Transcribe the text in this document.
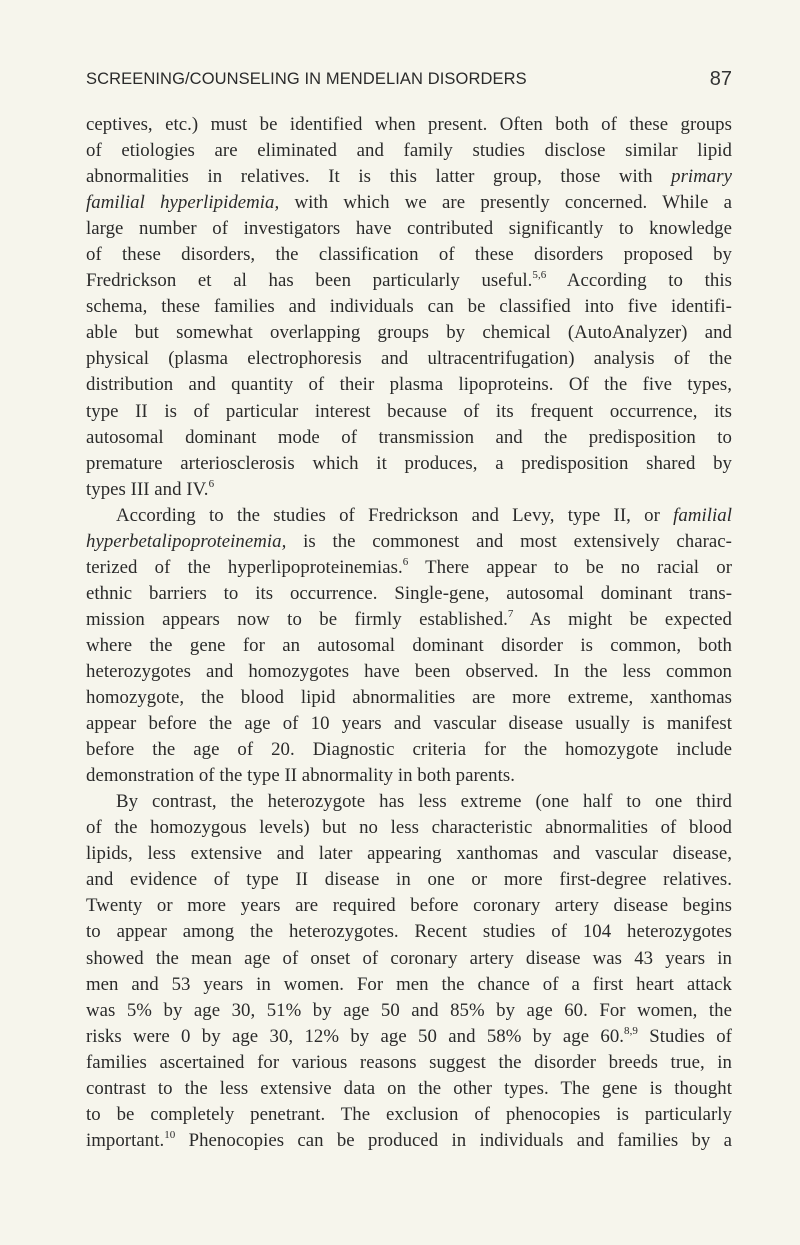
SCREENING/COUNSELING IN MENDELIAN DISORDERS	87
ceptives, etc.) must be identified when present. Often both of these groups
of etiologies are eliminated and family studies disclose similar lipid
abnormalities in relatives. It is this latter group, those with primary
familial hyperlipidemia, with which we are presently concerned. While a
large number of investigators have contributed significantly to knowledge
of these disorders, the classification of these disorders proposed by
Fredrickson et al has been particularly useful.$^{5,6}$ According to this
schema, these families and individuals can be classified into five identifi-
able but somewhat overlapping groups by chemical (AutoAnalyzer) and
physical (plasma electrophoresis and ultracentrifugation) analysis of the
distribution and quantity of their plasma lipoproteins. Of the five types,
type II is of particular interest because of its frequent occurrence, its
autosomal dominant mode of transmission and the predisposition to
premature arteriosclerosis which it produces, a predisposition shared by
types III and IV.$^6$
According to the studies of Fredrickson and Levy, type II, or familial
hyperbetalipoproteinemia, is the commonest and most extensively charac-
terized of the hyperlipoproteinemias.$^6$ There appear to be no racial or
ethnic barriers to its occurrence. Single-gene, autosomal dominant trans-
mission appears now to be firmly established.$^7$ As might be expected
where the gene for an autosomal dominant disorder is common, both
heterozygotes and homozygotes have been observed. In the less common
homozygote, the blood lipid abnormalities are more extreme, xanthomas
appear before the age of 10 years and vascular disease usually is manifest
before the age of 20. Diagnostic criteria for the homozygote include
demonstration of the type II abnormality in both parents.
By contrast, the heterozygote has less extreme (one half to one third
of the homozygous levels) but no less characteristic abnormalities of blood
lipids, less extensive and later appearing xanthomas and vascular disease,
and evidence of type II disease in one or more first-degree relatives.
Twenty or more years are required before coronary artery disease begins
to appear among the heterozygotes. Recent studies of 104 heterozygotes
showed the mean age of onset of coronary artery disease was 43 years in
men and 53 years in women. For men the chance of a first heart attack
was 5% by age 30, 51% by age 50 and 85% by age 60. For women, the
risks were 0 by age 30, 12% by age 50 and 58% by age 60.$^{8,9}$ Studies of
families ascertained for various reasons suggest the disorder breeds true, in
contrast to the less extensive data on the other types. The gene is thought
to be completely penetrant. The exclusion of phenocopies is particularly
important.$^{10}$ Phenocopies can be produced in individuals and families by a
